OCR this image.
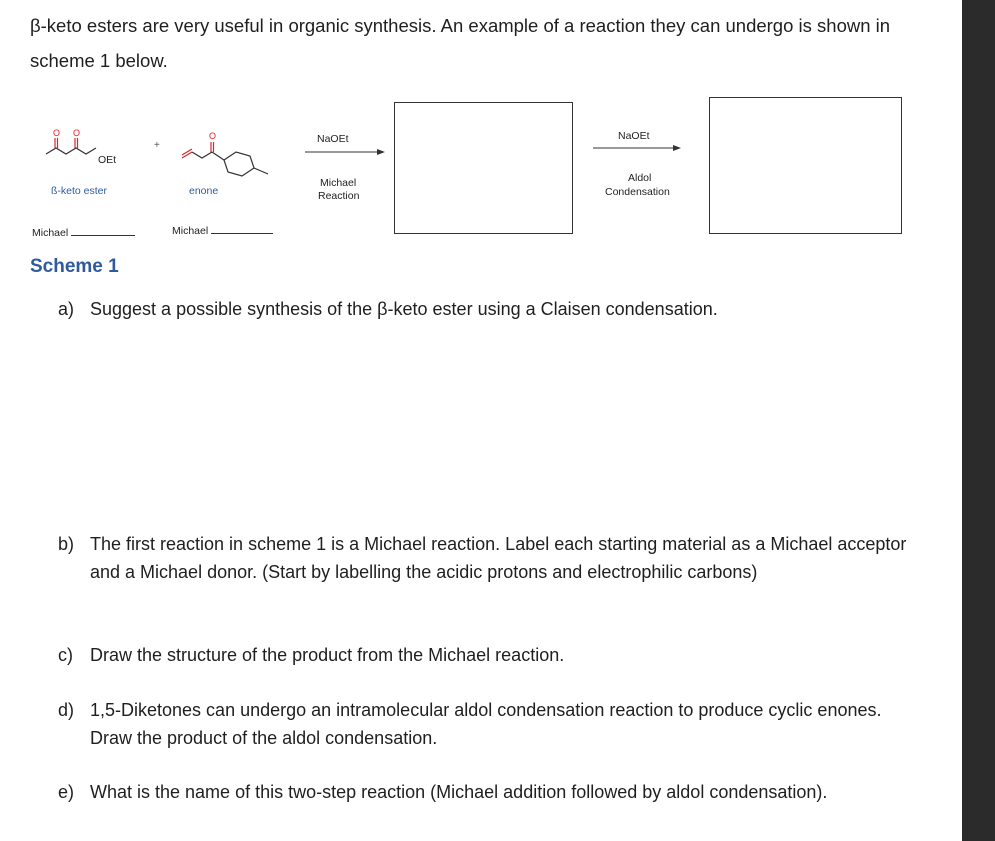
β-keto esters are very useful in organic synthesis. An example of a reaction they can undergo is shown in scheme 1 below.
O O
OEt
+
O
ß-keto ester	enone
NaOEt
Michael
Reaction
NaOEt
Aldol
Condensation
Michael	Michael
Scheme 1
a) Suggest a possible synthesis of the β-keto ester using a Claisen condensation.
b) The first reaction in scheme 1 is a Michael reaction. Label each starting material as a Michael acceptor and a Michael donor. (Start by labelling the acidic protons and electrophilic carbons)
c) Draw the structure of the product from the Michael reaction.
d) 1,5-Diketones can undergo an intramolecular aldol condensation reaction to produce cyclic enones. Draw the product of the aldol condensation.
e) What is the name of this two-step reaction (Michael addition followed by aldol condensation).
